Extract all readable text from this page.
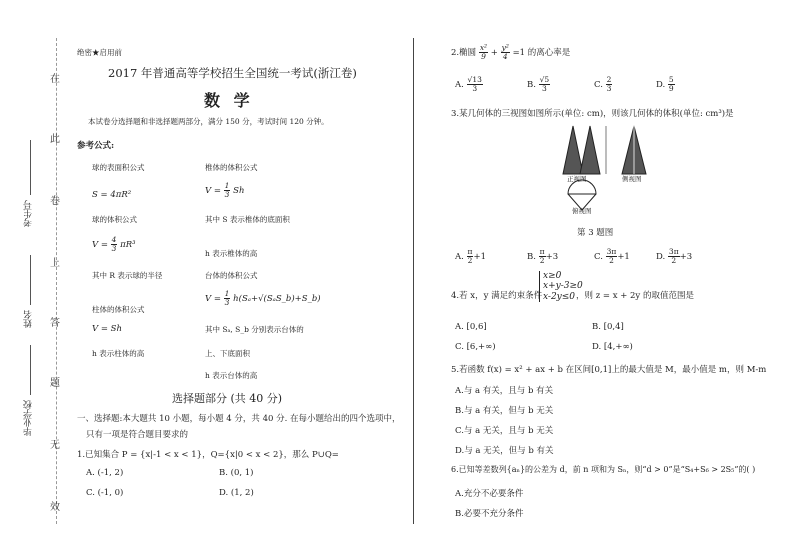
在
此
卷
上
答
题
无
效
考生号
姓名
毕业学校
绝密★启用前
2017 年普通高等学校招生全国统一考试(浙江卷)
数 学
本试卷分选择题和非选择题两部分，满分 150 分，考试时间 120 分钟。
参考公式:
球的表面积公式
S = 4πR²
球的体积公式
$V = \frac{4}{3} \pi R^3$
其中 R 表示球的半径
柱体的体积公式
V = Sh
h 表示柱体的高
椎体的体积公式
$V = \frac{1}{3}$ Sh
其中 S 表示椎体的底面积
h 表示椎体的高
台体的体积公式
$V = \frac{1}{3}$ h(Sₐ+√(SₐS_b)+S_b)
其中 Sₐ, S_b 分别表示台体的
上、下底面积
h 表示台体的高
选择题部分 (共 40 分)
一、选择题:本大题共 10 小题，每小题 4 分，共 40 分. 在每小题给出的四个选项中，
只有一项是符合题目要求的
1.已知集合 P = {x|-1 < x < 1}，Q={x|0 < x < 2}，那么 P∪Q=
A. (-1, 2)	B. (0, 1)
C. (-1, 0)	D. (1, 2)
2.椭圆 $\frac{\text{x²}}{9} + \frac{\text{y²}}{4} =1$ 的离心率是
A. $\frac{√13}{3}$	B. $\frac{√5}{3}$	C. $\frac{2}{3}$	D. $\frac{5}{9}$
3.某几何体的三视图如图所示(单位: cm)，则该几何体的体积(单位: cm³)是
正视图	侧视图
俯视图
第 3 题图
A. $\frac{\pi}{2} +1$	B. $\frac{\pi}{2} +3$	C. $\frac{3\pi}{2} +1$	D. $\frac{3\pi}{2} +3$
4.若 x，y 满足约束条件
x≥0
x+y-3≥0
x-2y≤0 ，则 z = x + 2y 的取值范围是
A. [0,6]	B. [0,4]
C. [6,+∞)	D. [4,+∞)
5.若函数 f(x) = x² + ax + b 在区间[0,1]上的最大值是 M，最小值是 m，则 M-m
A.与 a 有关，且与 b 有关
B.与 a 有关，但与 b 无关
C.与 a 无关，且与 b 无关
D.与 a 无关，但与 b 有关
6.已知等差数列{aₙ}的公差为 d，前 n 项和为 Sₙ，则“d > 0”是“S₄+S₆ > 2S₅”的( )
A.充分不必要条件
B.必要不充分条件
